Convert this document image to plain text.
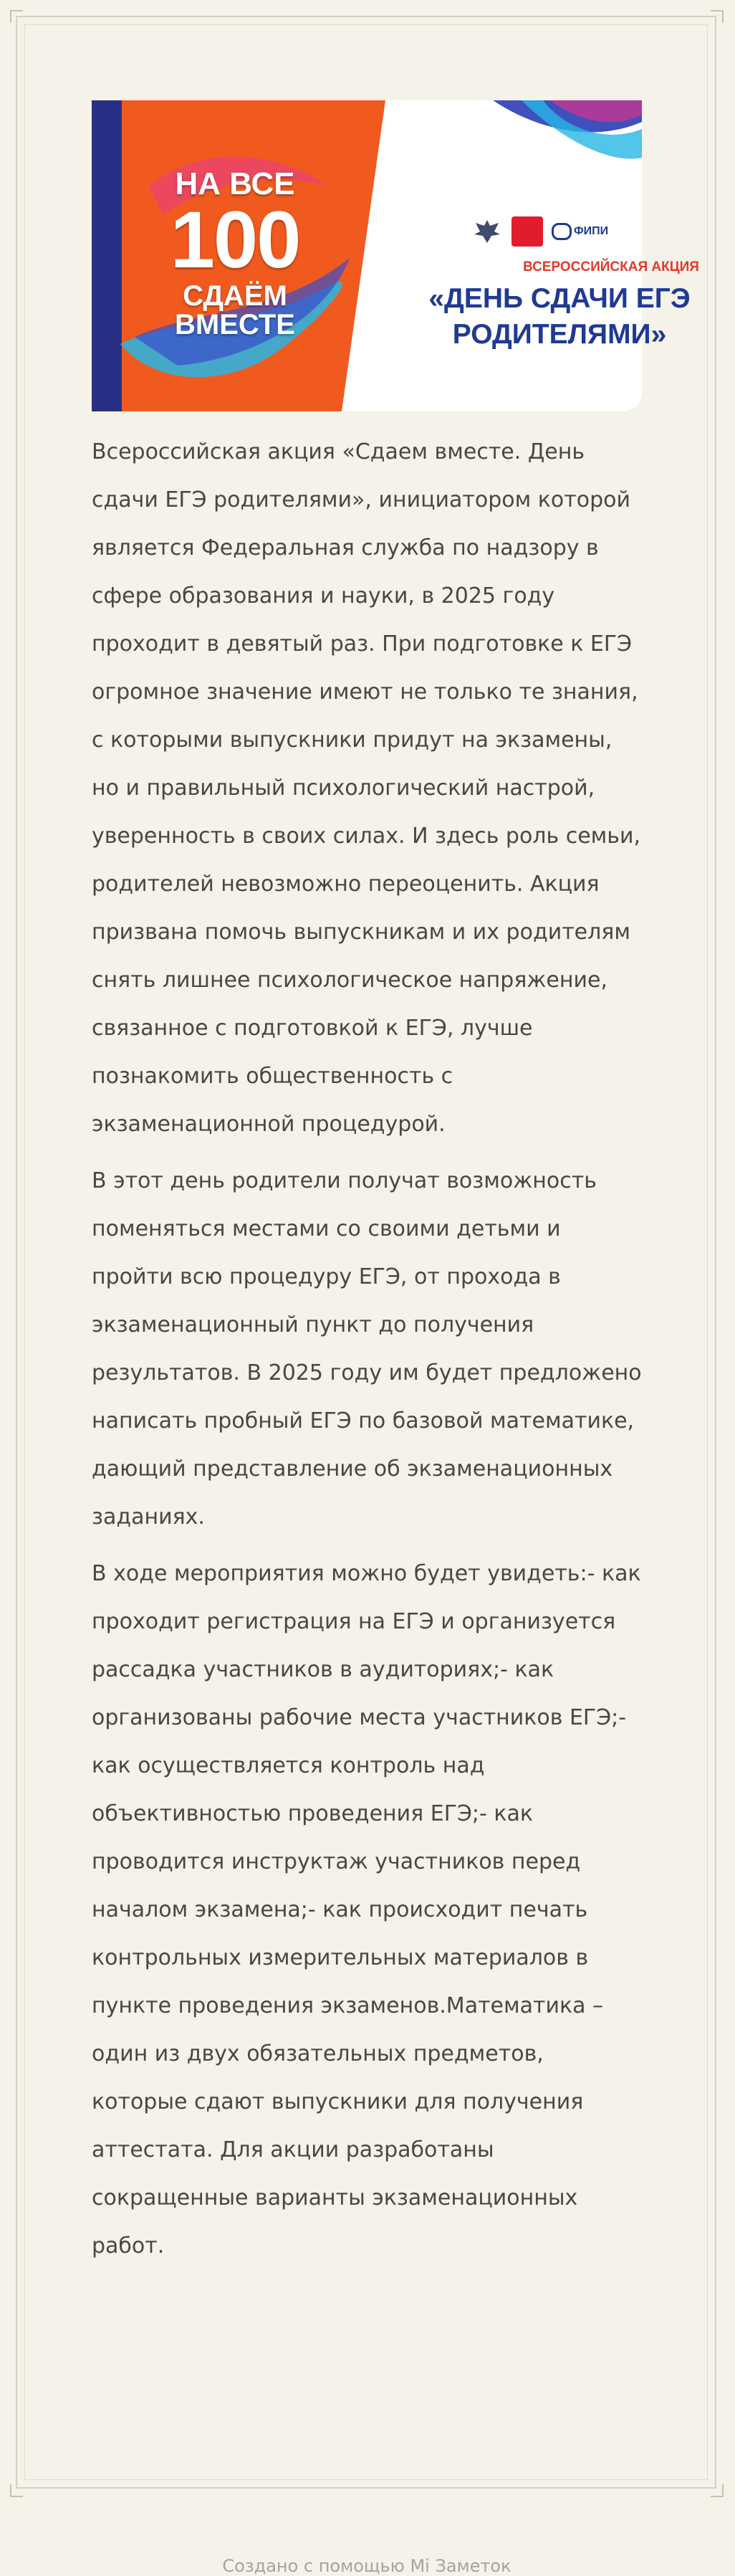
НА ВСЕ
100
СДАЁМ
ВМЕСТЕ
ФИПИ
ВСЕРОССИЙСКАЯ АКЦИЯ
«ДЕНЬ СДАЧИ ЕГЭ РОДИТЕЛЯМИ»

Всероссийская акция «Сдаем вместе. День сдачи ЕГЭ родителями», инициатором которой является Федеральная служба по надзору в сфере образования и науки, в 2025 году проходит в девятый раз. При подготовке к ЕГЭ огромное значение имеют не только те знания, с которыми выпускники придут на экзамены, но и правильный психологический настрой, уверенность в своих силах. И здесь роль семьи, родителей невозможно переоценить. Акция призвана помочь выпускникам и их родителям снять лишнее психологическое напряжение, связанное с подготовкой к ЕГЭ, лучше познакомить общественность с экзаменационной процедурой.

В этот день родители получат возможность поменяться местами со своими детьми и пройти всю процедуру ЕГЭ, от прохода в экзаменационный пункт до получения результатов. В 2025 году им будет предложено написать пробный ЕГЭ по базовой математике, дающий представление об экзаменационных заданиях.

В ходе мероприятия можно будет увидеть:- как проходит регистрация на ЕГЭ и организуется рассадка участников в аудиториях;- как организованы рабочие места участников ЕГЭ;- как осуществляется контроль над объективностью проведения ЕГЭ;- как проводится инструктаж участников перед началом экзамена;- как происходит печать контрольных измерительных материалов в пункте проведения экзаменов.Математика – один из двух обязательных предметов, которые сдают выпускники для получения аттестата. Для акции разработаны сокращенные варианты экзаменационных работ.

Создано с помощью Mi Заметок
